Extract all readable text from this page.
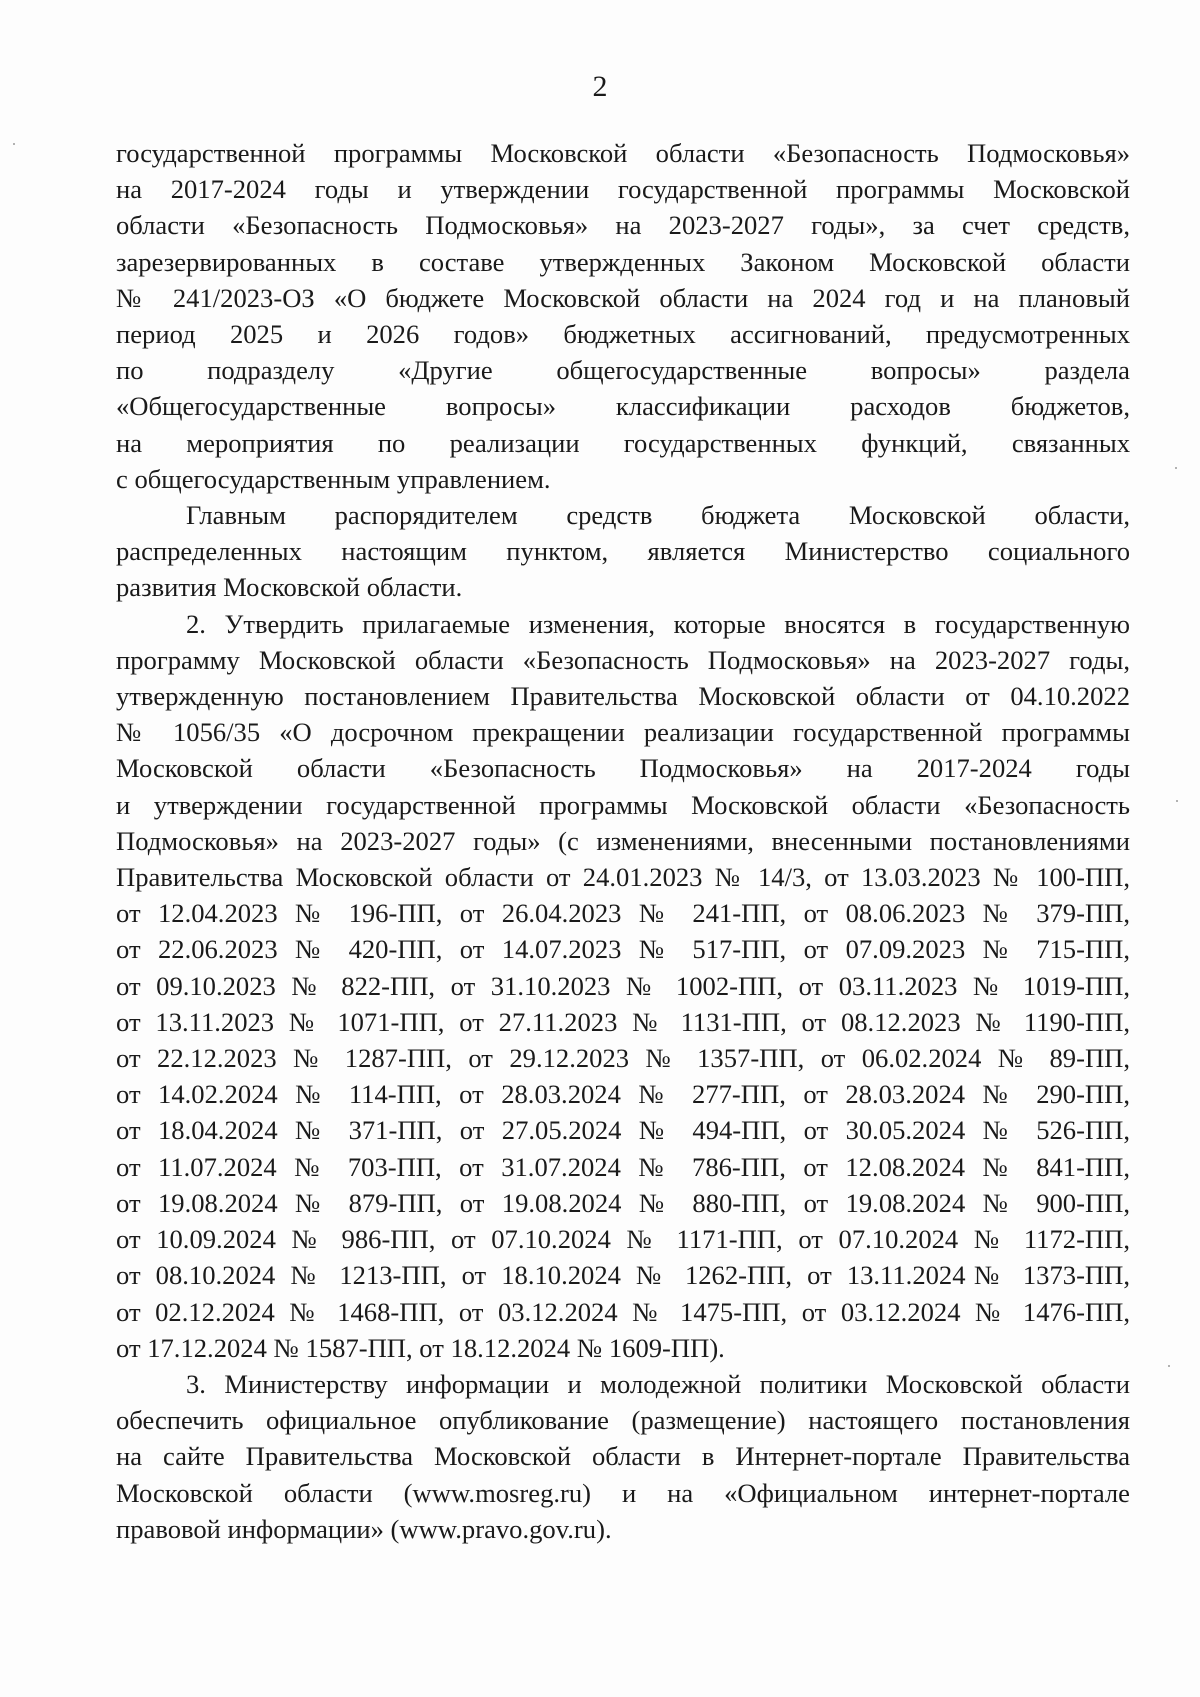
2

государственной программы Московской области «Безопасность Подмосковья»
на 2017-2024 годы и утверждении государственной программы Московской
области «Безопасность Подмосковья» на 2023-2027 годы», за счет средств,
зарезервированных в составе утвержденных Законом Московской области
№ 241/2023-ОЗ «О бюджете Московской области на 2024 год и на плановый
период 2025 и 2026 годов» бюджетных ассигнований, предусмотренных
по подразделу «Другие общегосударственные вопросы» раздела
«Общегосударственные вопросы» классификации расходов бюджетов,
на мероприятия по реализации государственных функций, связанных
с общегосударственным управлением.

Главным распорядителем средств бюджета Московской области,
распределенных настоящим пунктом, является Министерство социального
развития Московской области.

2. Утвердить прилагаемые изменения, которые вносятся в государственную
программу Московской области «Безопасность Подмосковья» на 2023-2027 годы,
утвержденную постановлением Правительства Московской области от 04.10.2022
№ 1056/35 «О досрочном прекращении реализации государственной программы
Московской области «Безопасность Подмосковья» на 2017-2024 годы
и утверждении государственной программы Московской области «Безопасность
Подмосковья» на 2023-2027 годы» (с изменениями, внесенными постановлениями
Правительства Московской области от 24.01.2023 № 14/3, от 13.03.2023 № 100-ПП,
от 12.04.2023 № 196-ПП, от 26.04.2023 № 241-ПП, от 08.06.2023 № 379-ПП,
от 22.06.2023 № 420-ПП, от 14.07.2023 № 517-ПП, от 07.09.2023 № 715-ПП,
от 09.10.2023 № 822-ПП, от 31.10.2023 № 1002-ПП, от 03.11.2023 № 1019-ПП,
от 13.11.2023 № 1071-ПП, от 27.11.2023 № 1131-ПП, от 08.12.2023 № 1190-ПП,
от 22.12.2023 № 1287-ПП, от 29.12.2023 № 1357-ПП, от 06.02.2024 № 89-ПП,
от 14.02.2024 № 114-ПП, от 28.03.2024 № 277-ПП, от 28.03.2024 № 290-ПП,
от 18.04.2024 № 371-ПП, от 27.05.2024 № 494-ПП, от 30.05.2024 № 526-ПП,
от 11.07.2024 № 703-ПП, от 31.07.2024 № 786-ПП, от 12.08.2024 № 841-ПП,
от 19.08.2024 № 879-ПП, от 19.08.2024 № 880-ПП, от 19.08.2024 № 900-ПП,
от 10.09.2024 № 986-ПП, от 07.10.2024 № 1171-ПП, от 07.10.2024 № 1172-ПП,
от 08.10.2024 № 1213-ПП, от 18.10.2024 № 1262-ПП, от 13.11.2024№ 1373-ПП,
от 02.12.2024 № 1468-ПП, от 03.12.2024 № 1475-ПП, от 03.12.2024 № 1476-ПП,
от 17.12.2024 № 1587-ПП, от 18.12.2024 № 1609-ПП).

3. Министерству информации и молодежной политики Московской области
обеспечить официальное опубликование (размещение) настоящего постановления
на сайте Правительства Московской области в Интернет-портале Правительства
Московской области (www.mosreg.ru) и на «Официальном интернет-портале
правовой информации» (www.pravo.gov.ru).
